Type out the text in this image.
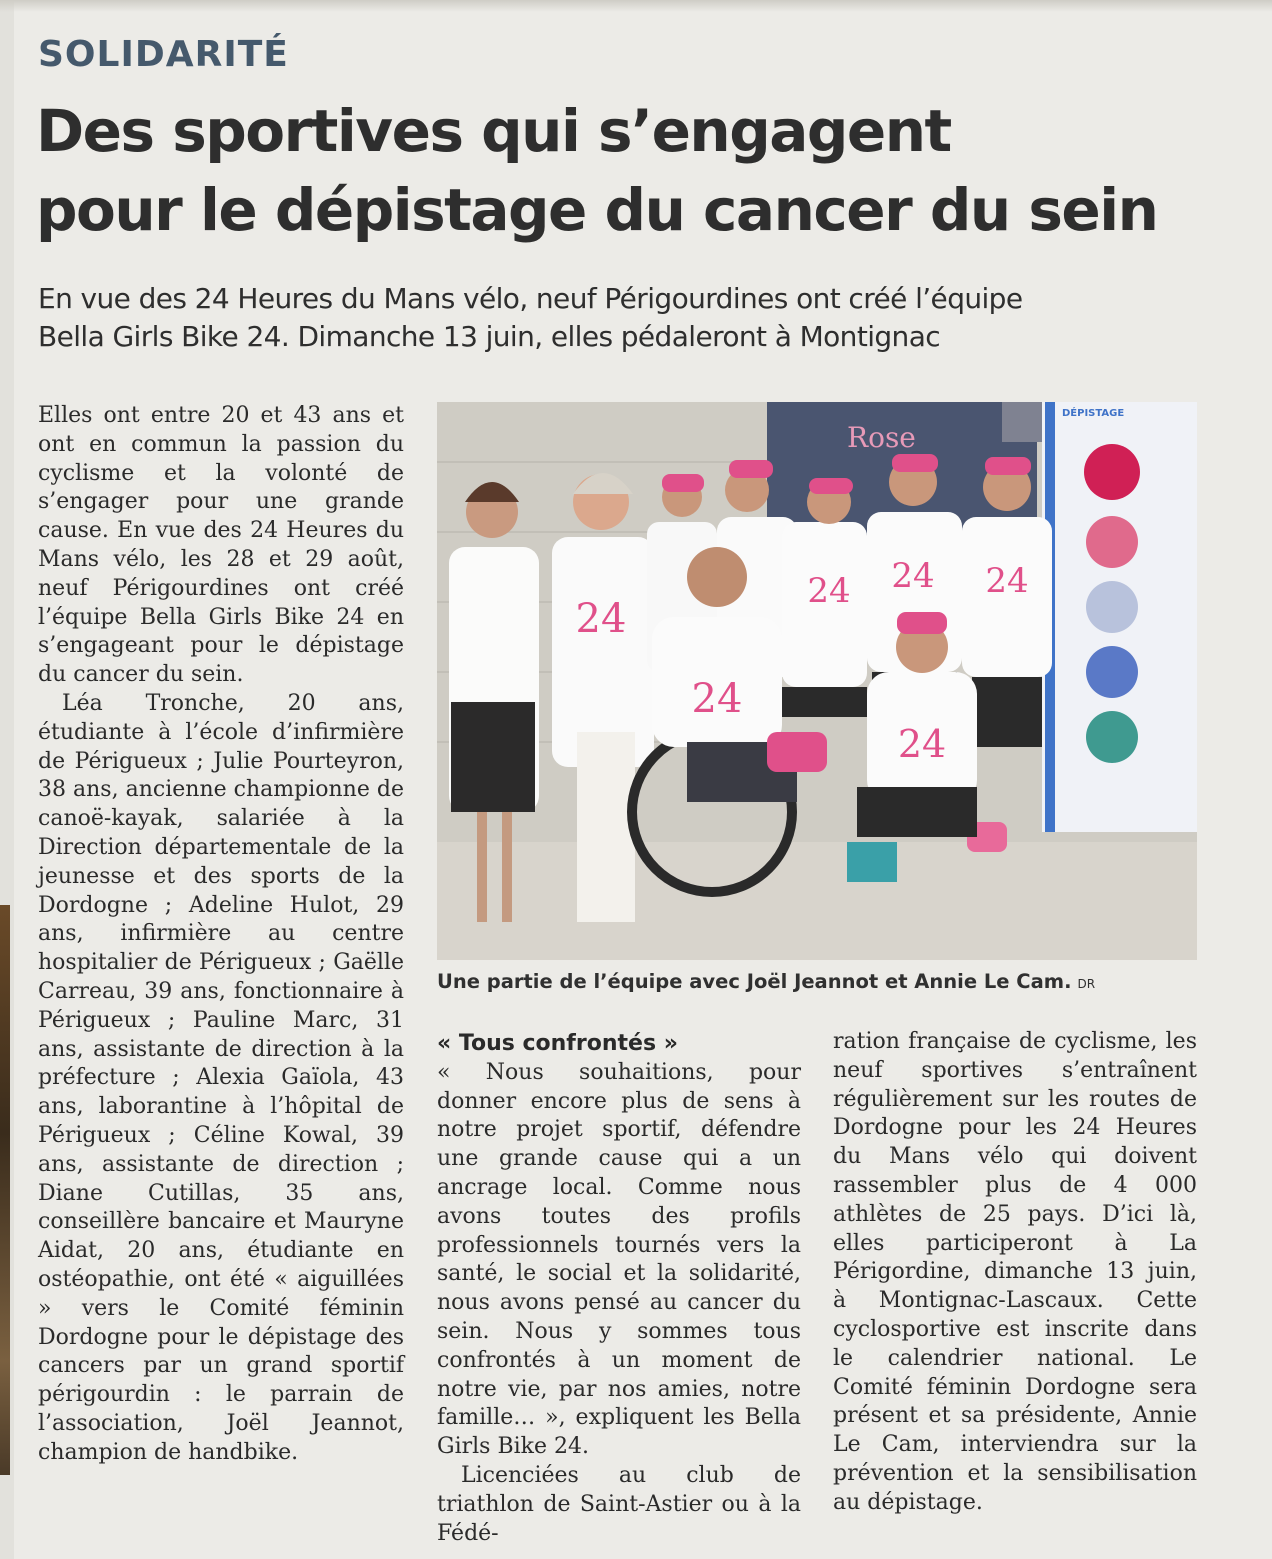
SOLIDARITÉ
Des sportives qui s’engagent
pour le dépistage du cancer du sein

En vue des 24 Heures du Mans vélo, neuf Périgourdines ont créé l’équipe
Bella Girls Bike 24. Dimanche 13 juin, elles pédaleront à Montignac

Elles ont entre 20 et 43 ans et ont en commun la passion du cyclisme et la volonté de s’engager pour une grande cause. En vue des 24 Heures du Mans vélo, les 28 et 29 août, neuf Périgourdines ont créé l’équipe Bella Girls Bike 24 en s’engageant pour le dépistage du cancer du sein.

Léa Tronche, 20 ans, étudiante à l’école d’infirmière de Périgueux ; Julie Pourteyron, 38 ans, ancienne championne de canoë-kayak, salariée à la Direction départementale de la jeunesse et des sports de la Dordogne ; Adeline Hulot, 29 ans, infirmière au centre hospitalier de Périgueux ; Gaëlle Carreau, 39 ans, fonctionnaire à Périgueux ; Pauline Marc, 31 ans, assistante de direction à la préfecture ; Alexia Gaïola, 43 ans, laborantine à l’hôpital de Périgueux ; Céline Kowal, 39 ans, assistante de direction ; Diane Cutillas, 35 ans, conseillère bancaire et Mauryne Aidat, 20 ans, étudiante en ostéopathie, ont été « aiguillées » vers le Comité féminin Dordogne pour le dépistage des cancers par un grand sportif périgourdin : le parrain de l’association, Joël Jeannot, champion de handbike.

Rose
DÉPISTAGE
24
24 24 24
24
24

Une partie de l’équipe avec Joël Jeannot et Annie Le Cam. DR

« Tous confrontés »

« Nous souhaitions, pour donner encore plus de sens à notre projet sportif, défendre une grande cause qui a un ancrage local. Comme nous avons toutes des profils professionnels tournés vers la santé, le social et la solidarité, nous avons pensé au cancer du sein. Nous y sommes tous confrontés à un moment de notre vie, par nos amies, notre famille… », expliquent les Bella Girls Bike 24.

Licenciées au club de triathlon de Saint-Astier ou à la Fédé-

ration française de cyclisme, les neuf sportives s’entraînent régulièrement sur les routes de Dordogne pour les 24 Heures du Mans vélo qui doivent rassembler plus de 4 000 athlètes de 25 pays. D’ici là, elles participeront à La Périgordine, dimanche 13 juin, à Montignac-Lascaux. Cette cyclosportive est inscrite dans le calendrier national. Le Comité féminin Dordogne sera présent et sa présidente, Annie Le Cam, interviendra sur la prévention et la sensibilisation au dépistage.
